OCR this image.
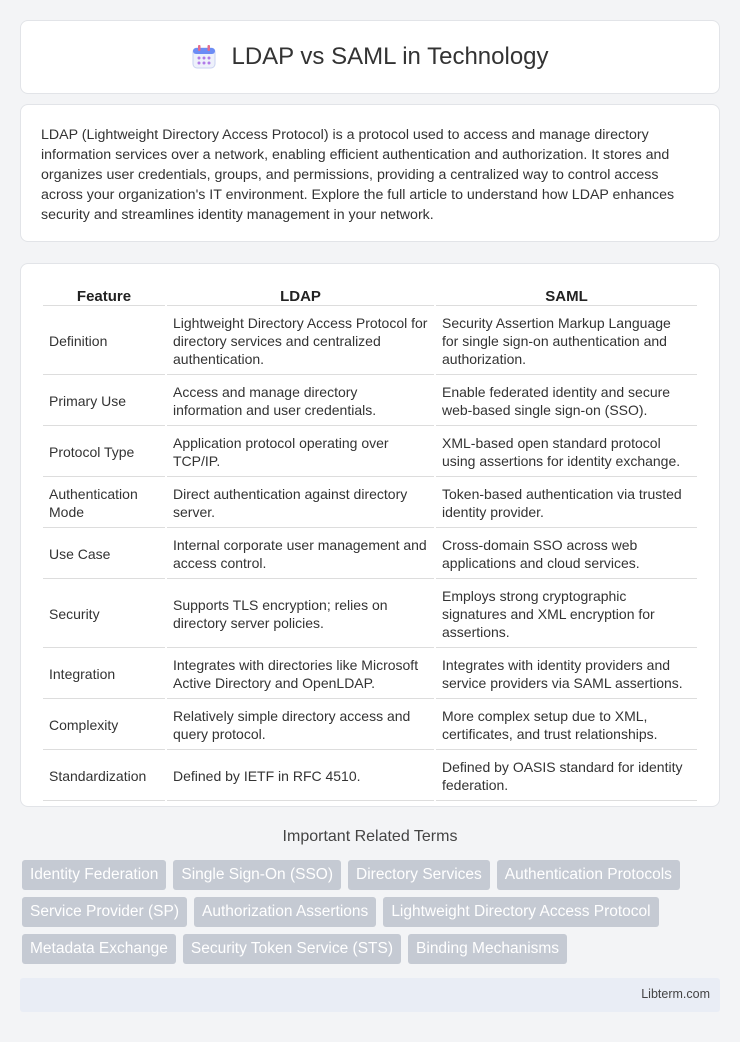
LDAP vs SAML in Technology

LDAP (Lightweight Directory Access Protocol) is a protocol used to access and manage directory information services over a network, enabling efficient authentication and authorization. It stores and organizes user credentials, groups, and permissions, providing a centralized way to control access across your organization's IT environment. Explore the full article to understand how LDAP enhances security and streamlines identity management in your network.

Feature	LDAP	SAML
Definition	Lightweight Directory Access Protocol for directory services and centralized authentication.	Security Assertion Markup Language for single sign-on authentication and authorization.
Primary Use	Access and manage directory information and user credentials.	Enable federated identity and secure web-based single sign-on (SSO).
Protocol Type	Application protocol operating over TCP/IP.	XML-based open standard protocol using assertions for identity exchange.
Authentication Mode	Direct authentication against directory server.	Token-based authentication via trusted identity provider.
Use Case	Internal corporate user management and access control.	Cross-domain SSO across web applications and cloud services.
Security	Supports TLS encryption; relies on directory server policies.	Employs strong cryptographic signatures and XML encryption for assertions.
Integration	Integrates with directories like Microsoft Active Directory and OpenLDAP.	Integrates with identity providers and service providers via SAML assertions.
Complexity	Relatively simple directory access and query protocol.	More complex setup due to XML, certificates, and trust relationships.
Standardization	Defined by IETF in RFC 4510.	Defined by OASIS standard for identity federation.
Important Related Terms
Identity Federation	Single Sign-On (SSO)	Directory Services	Authentication Protocols
Service Provider (SP)	Authorization Assertions	Lightweight Directory Access Protocol
Metadata Exchange	Security Token Service (STS)	Binding Mechanisms
Libterm.com
